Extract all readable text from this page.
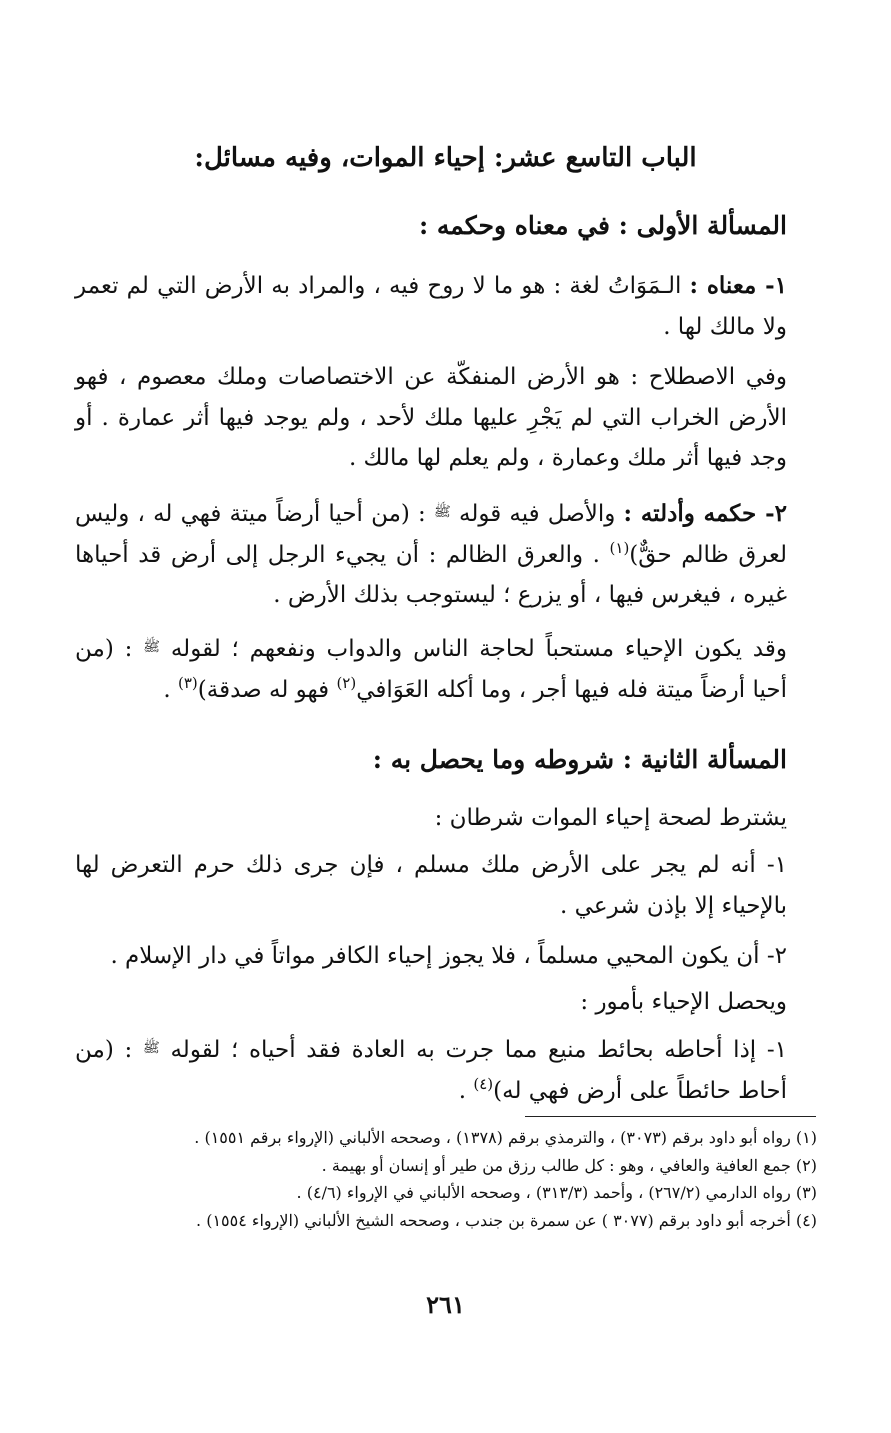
الباب التاسع عشر: إحياء الموات، وفيه مسائل:
المسألة الأولى : في معناه وحكمه :

١- معناه : الـمَوَاتُ لغة : هو ما لا روح فيه ، والمراد به الأرض التي لم تعمر ولا مالك لها .

وفي الاصطلاح : هو الأرض المنفكّة عن الاختصاصات وملك معصوم ، فهو الأرض الخراب التي لم يَجْرِ عليها ملك لأحد ، ولم يوجد فيها أثر عمارة . أو وجد فيها أثر ملك وعمارة ، ولم يعلم لها مالك .

٢- حكمه وأدلته : والأصل فيه قوله $^ﷺ$ : (من أحيا أرضاً ميتة فهي له ، وليس لعرق ظالم حقٌّ)$^{(١)}$ . والعرق الظالم : أن يجيء الرجل إلى أرض قد أحياها غيره ، فيغرس فيها ، أو يزرع ؛ ليستوجب بذلك الأرض .

وقد يكون الإحياء مستحباً لحاجة الناس والدواب ونفعهم ؛ لقوله $^ﷺ$ : (من أحيا أرضاً ميتة فله فيها أجر ، وما أكله العَوَافي$^{(٢)}$ فهو له صدقة)$^{(٣)}$ .

المسألة الثانية : شروطه وما يحصل به :

يشترط لصحة إحياء الموات شرطان :

١- أنه لم يجر على الأرض ملك مسلم ، فإن جرى ذلك حرم التعرض لها بالإحياء إلا بإذن شرعي .

٢- أن يكون المحيي مسلماً ، فلا يجوز إحياء الكافر مواتاً في دار الإسلام .

ويحصل الإحياء بأمور :

١- إذا أحاطه بحائط منيع مما جرت به العادة فقد أحياه ؛ لقوله $^ﷺ$ : (من أحاط حائطاً على أرض فهي له)$^{(٤)}$ .

(١) رواه أبو داود برقم (٣٠٧٣) ، والترمذي برقم (١٣٧٨) ، وصححه الألباني (الإرواء برقم ١٥٥١) .

(٢) جمع العافية والعافي ، وهو : كل طالب رزق من طير أو إنسان أو بهيمة .

(٣) رواه الدارمي (٢٦٧/٢) ، وأحمد (٣١٣/٣) ، وصححه الألباني في الإرواء (٤/٦) .

(٤) أخرجه أبو داود برقم (٣٠٧٧ ) عن سمرة بن جندب ، وصححه الشيخ الألباني (الإرواء ١٥٥٤) .

٢٦١
